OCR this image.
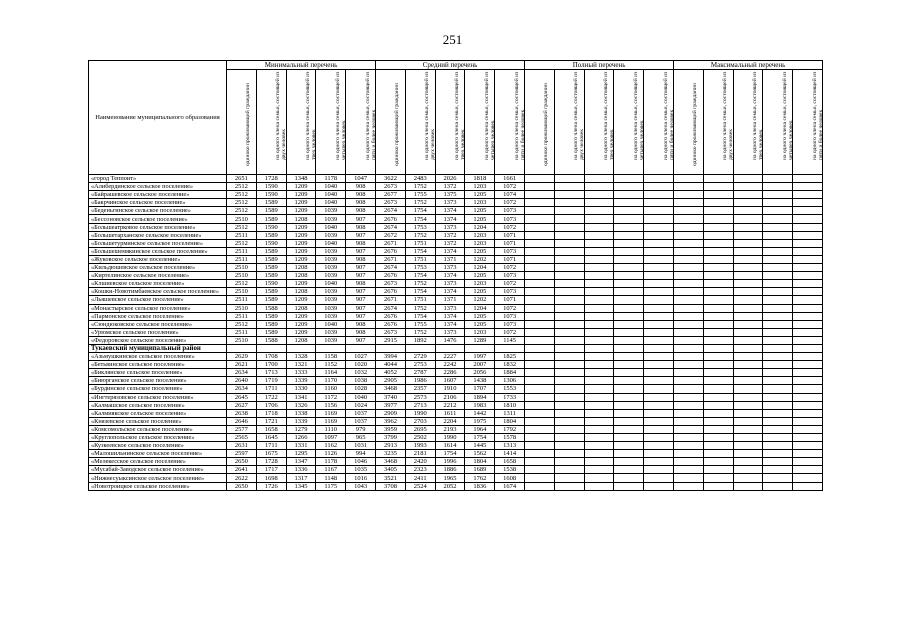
251
Наименование муниципального образования	Минимальный перечень					Средний перечень					Полный перечень					Максимальный перечень				

	одиноко проживающий гражданин	на одного члена семьи, состоящей из двух человек	на одного члена семьи, состоящей из трех человек	на одного члена семьи, состоящей из четырех человек	на одного члена семьи, состоящей из пяти и более человек	одиноко проживающий гражданин	на одного члена семьи, состоящей из двух человек	на одного члена семьи, состоящей из трех человек	на одного члена семьи, состоящей из четырех человек	на одного члена семьи, состоящей из пяти и более человек	одиноко проживающий гражданин	на одного члена семьи, состоящей из двух человек	на одного члена семьи, состоящей из трех человек	на одного члена семьи, состоящей из четырех человек	на одного члена семьи, состоящей из пяти и более человек	одиноко проживающий гражданин	на одного члена семьи, состоящей из двух человек	на одного члена семьи, состоящей из трех человек	на одного члена семьи, состоящей из четырех человек	на одного члена семьи, состоящей из пяти и более человек

«город Теппоит»	2651	1728	1348	1178	1047	3622	2483	2026	1818	1661										
«Алибердинское сельское поселение»	2512	1590	1209	1040	908	2673	1752	1372	1203	1072										
«Байрашевское сельское поселение»	2512	1590	1209	1040	908	2677	1755	1375	1205	1074										
«Бакрчинское сельское поселение»	2512	1589	1209	1040	908	2673	1752	1373	1203	1072										
«Беденьгинское сельское поселение»	2512	1589	1209	1039	908	2674	1754	1374	1205	1073										
«Бессоновское сельское поселение»	2510	1589	1208	1039	907	2676	1754	1374	1205	1073										
«Большеатрковое сельское поселение»	2512	1590	1209	1040	908	2674	1753	1373	1204	1072										
«Большетарханское сельское поселение»	2511	1589	1209	1039	907	2672	1752	1372	1203	1071										
«Большетурминское сельское поселение»	2512	1590	1209	1040	908	2671	1751	1372	1203	1071										
«Большешемякинское сельское поселение»	2511	1589	1209	1039	907	2676	1754	1374	1205	1073										
«Жуковское сельское поселение»	2511	1589	1209	1039	908	2671	1751	1371	1202	1071										
«Кильдюшевское сельское поселение»	2510	1589	1208	1039	907	2674	1753	1373	1204	1072										
«Киртелинское сельское поселение»	2510	1589	1208	1039	907	2676	1754	1374	1205	1073										
«Клшиевское сельское поселение»	2512	1590	1209	1040	908	2673	1752	1373	1203	1072										
«Кошки-Новотимбаевское сельское поселение»	2510	1589	1208	1039	907	2676	1754	1374	1205	1073										
«Льяшевское сельское поселение»	2511	1589	1209	1039	907	2671	1751	1371	1202	1071										
«Монастырское сельское поселение»	2510	1588	1208	1039	907	2674	1752	1373	1204	1072										
«Пармонское сельское поселение»	2511	1589	1209	1039	907	2676	1754	1374	1205	1073										
«Сюндюковское сельское поселение»	2512	1589	1209	1040	908	2676	1755	1374	1205	1073										
«Урюмское сельское поселение»	2511	1589	1209	1039	908	2673	1752	1373	1203	1072										
«Федоровское сельское поселение»	2510	1588	1208	1039	907	2915	1892	1476	1289	1145										
Тукаевский муниципальный район																				
«Азьмушкинское сельское поселение»	2629	1708	1328	1158	1027	3994	2729	2227	1997	1825										
«Бетьвинское сельское поселение»	2621	1700	1321	1152	1020	4044	2753	2242	2007	1832										
«Биклянское сельское поселение»	2634	1713	1333	1164	1032	4052	2787	2286	2056	1884										
«Биюрганское сельское поселение»	2640	1719	1339	1170	1038	2905	1986	1607	1438	1306										
«Бурдинское сельское поселение»	2634	1711	1330	1160	1028	3468	2357	1910	1707	1553										
«Ингтерязовское сельское поселение»	2645	1722	1341	1172	1040	3740	2573	2106	1894	1733										
«Калмашское сельское поселение»	2627	1706	1326	1156	1024	3977	2713	2212	1983	1810										
«Калмиякское сельское поселение»	2638	1718	1338	1169	1037	2909	1990	1611	1442	1311										
«Князевское сельское поселение»	2646	1721	1339	1169	1037	3962	2703	2204	1975	1804										
«Комсомольское сельское поселение»	2577	1658	1279	1110	979	3959	2695	2193	1964	1792										
«Круглопольское сельское поселение»	2565	1645	1266	1097	965	3799	2502	1990	1754	1578										
«Кузкеевское сельское поселение»	2631	1711	1331	1162	1031	2913	1993	1614	1445	1313										
«Малошильнинское сельское поселение»	2597	1675	1295	1126	994	3235	2181	1754	1562	1414										
«Мелекесское сельское поселение»	2650	1728	1347	1178	1046	3468	2420	1996	1804	1658										
«Мусабай-Заводское сельское поселение»	2641	1717	1336	1167	1035	3405	2323	1886	1689	1538										
«Нижнесуыксинское сельское поселение»	2622	1698	1317	1148	1016	3521	2411	1965	1762	1608										
«Новотроицкое сельское поселение»	2650	1726	1345	1175	1043	3708	2524	2052	1836	1674										
